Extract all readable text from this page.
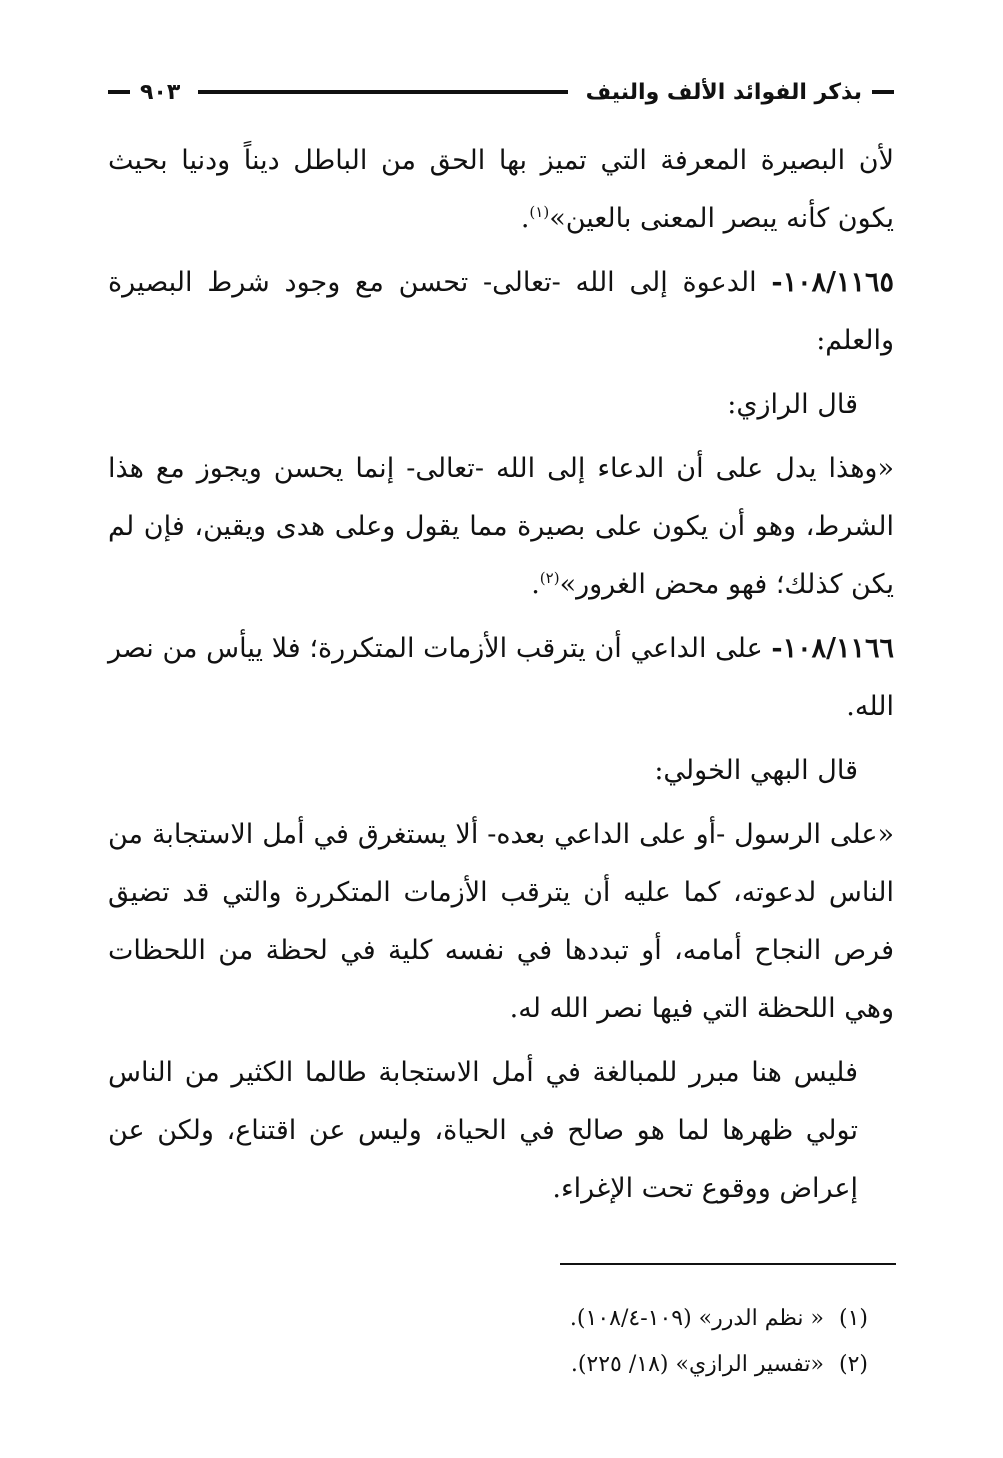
بذكر الفوائد الألف والنيف
٩٠٣

لأن البصيرة المعرفة التي تميز بها الحق من الباطل ديناً ودنيا بحيث يكون كأنه يبصر المعنى بالعين»$^{(١)}$.

١٠٨/١١٦٥- الدعوة إلى الله -تعالى- تحسن مع وجود شرط البصيرة والعلم:

قال الرازي:

«وهذا يدل على أن الدعاء إلى الله -تعالى- إنما يحسن ويجوز مع هذا الشرط، وهو أن يكون على بصيرة مما يقول وعلى هدى ويقين، فإن لم يكن كذلك؛ فهو محض الغرور»$^{(٢)}$.

١٠٨/١١٦٦- على الداعي أن يترقب الأزمات المتكررة؛ فلا ييأس من نصر الله.

قال البهي الخولي:

«على الرسول -أو على الداعي بعده- ألا يستغرق في أمل الاستجابة من الناس لدعوته، كما عليه أن يترقب الأزمات المتكررة والتي قد تضيق فرص النجاح أمامه، أو تبددها في نفسه كلية في لحظة من اللحظات وهي اللحظة التي فيها نصر الله له.

فليس هنا مبرر للمبالغة في أمل الاستجابة طالما الكثير من الناس تولي ظهرها لما هو صالح في الحياة، وليس عن اقتناع، ولكن عن إعراض ووقوع تحت الإغراء.

(١) « نظم الدرر» (١٠٩-١٠٨/٤).

(٢) «تفسير الرازي» (١٨/ ٢٢٥).
